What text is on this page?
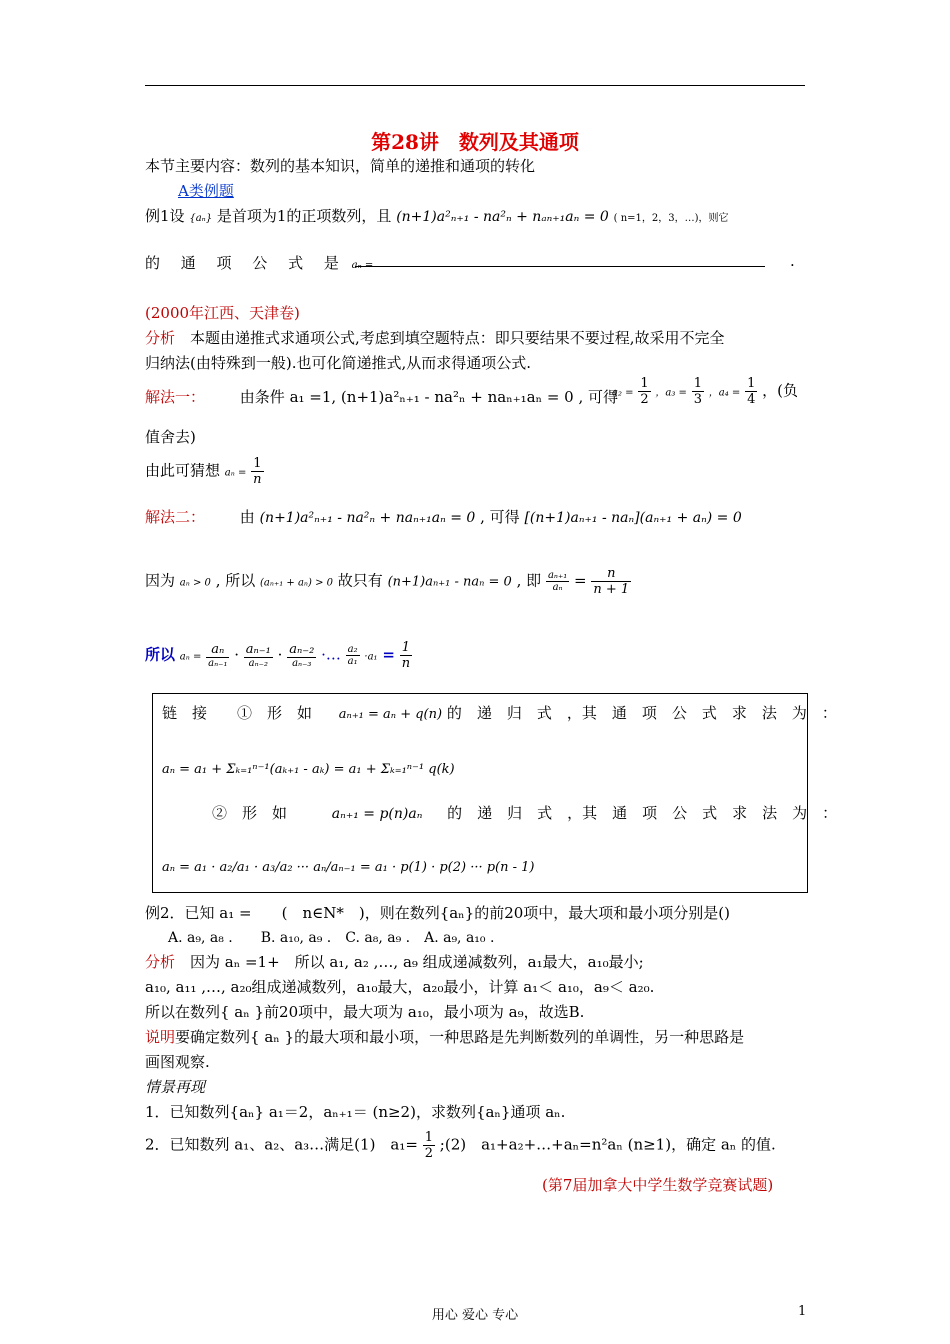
第28讲　数列及其通项
本节主要内容：数列的基本知识，简单的递推和通项的转化
A类例题
例1设 {aₙ} 是首项为1的正项数列，且 (n+1)a²ₙ₊₁ - na²ₙ + nₐₙ₊₁aₙ = 0 ( n=1，2，3，…)，则它
的 通 项 公 式 是 aₙ =	.
(2000年江西、天津卷)
分析　本题由递推式求通项公式,考虑到填空题特点：即只要结果不要过程,故采用不完全
归纳法(由特殊到一般).也可化简递推式,从而求得通项公式.
解法一： 由条件 a₁ =1, (n+1)a²ₙ₊₁ - na²ₙ + naₙ₊₁aₙ = 0 , 可得
$a_2 = \frac{1}{2}$ ，$a_3 = \frac{1}{3}$ ，$a_4 = \frac{1}{4}$ ，(负
值舍去)
由此可猜想 $a_n = \frac{1}{n}$
解法二： 由 (n+1)a²ₙ₊₁ - na²ₙ + naₙ₊₁aₙ = 0 , 可得 [(n+1)aₙ₊₁ - naₙ](aₙ₊₁ + aₙ) = 0
因为 aₙ > 0 , 所以 (aₙ₊₁ + aₙ) > 0 故只有 (n+1)aₙ₊₁ - naₙ = 0 , 即 $\frac{\text{aₙ₊₁}}{\text{aₙ}} = \frac{n}{n + 1}$
所以 $a_n = \frac{\text{aₙ}}{\text{aₙ₋₁}} \cdot \frac{\text{aₙ₋₁}}{\text{aₙ₋₂}} \cdot \frac{\text{aₙ₋₂}}{\text{aₙ₋₃}}$ ·… $\frac{\text{a₂}}{\text{a₁}} \cdot a_1 = \frac{1}{n}$
链　接　　①　形　如 aₙ₊₁ = aₙ + q(n) 的　递　归　式　，其　通　项　公　式　求　法　为　：
aₙ = a₁ + Σₖ₌₁ⁿ⁻¹(aₖ₊₁ - aₖ) = a₁ + Σₖ₌₁ⁿ⁻¹ q(k)
②　形　如	aₙ₊₁ = p(n)aₙ 的　递　归　式　，其　通　项　公　式　求　法　为　：
aₙ = a₁ · a₂/a₁ · a₃/a₂ ··· aₙ/aₙ₋₁ = a₁ · p(1) · p(2) ··· p(n - 1)
例2．已知 a₁ =　　(　n∈N*　)，则在数列{aₙ}的前20项中，最大项和最小项分别是()
A. a₉, a₈ .　　B. a₁₀, a₉ .　C. a₈, a₉ .　A. a₉, a₁₀ .
分析　因为 aₙ =1+　所以 a₁, a₂ ,…, a₉ 组成递减数列，a₁最大，a₁₀最小;
a₁₀, a₁₁ ,…, a₂₀组成递减数列，a₁₀最大，a₂₀最小，计算 a₁＜ a₁₀，a₉＜ a₂₀.
所以在数列{ aₙ }前20项中，最大项为 a₁₀，最小项为 a₉，故选B.
说明要确定数列{ aₙ }的最大项和最小项，一种思路是先判断数列的单调性，另一种思路是
画图观察.
情景再现
1．已知数列{aₙ} a₁＝2，aₙ₊₁＝ (n≥2)，求数列{aₙ}通项 aₙ.
2．已知数列 a₁、a₂、a₃…满足(1)　$a_1= \frac{1}{2}$ ;(2)　a₁+a₂+…+aₙ=n²aₙ (n≥1)，确定 aₙ 的值.
(第7届加拿大中学生数学竞赛试题)
用心 爱心 专心	1
